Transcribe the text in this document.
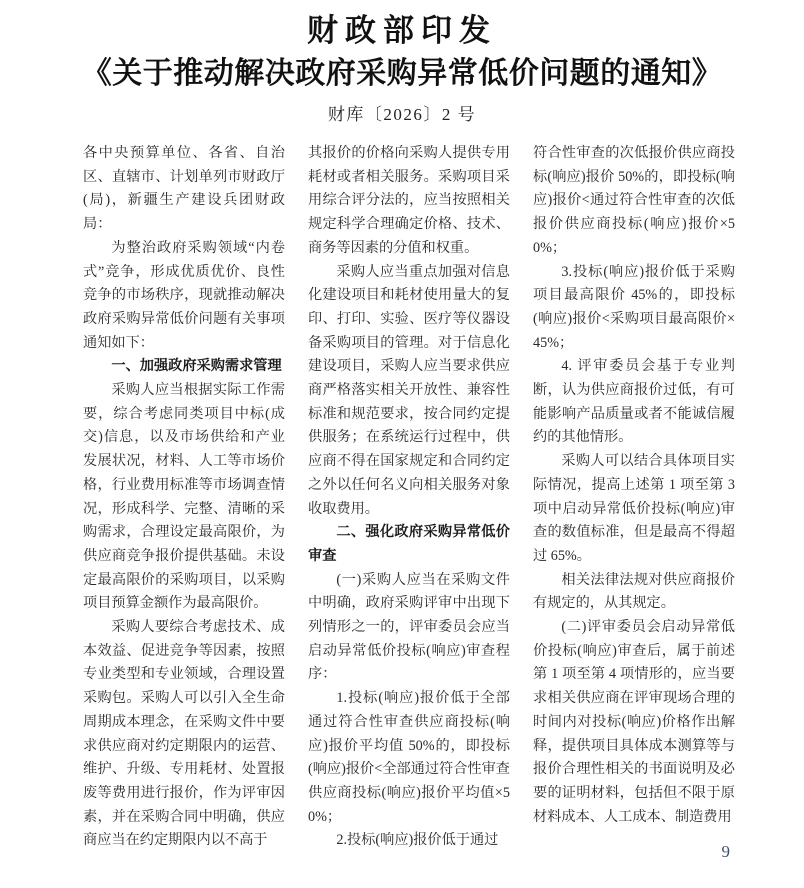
财政部印发
《关于推动解决政府采购异常低价问题的通知》
财库〔2026〕2 号

各中央预算单位、各省、自治区、直辖市、计划单列市财政厅(局)，新疆生产建设兵团财政局：

为整治政府采购领域“内卷式”竞争，形成优质优价、良性竞争的市场秩序，现就推动解决政府采购异常低价问题有关事项通知如下：

一、加强政府采购需求管理

采购人应当根据实际工作需要，综合考虑同类项目中标(成交)信息，以及市场供给和产业发展状况，材料、人工等市场价格，行业费用标准等市场调查情况，形成科学、完整、清晰的采购需求，合理设定最高限价，为供应商竞争报价提供基础。未设定最高限价的采购项目，以采购项目预算金额作为最高限价。

采购人要综合考虑技术、成本效益、促进竞争等因素，按照专业类型和专业领域，合理设置采购包。采购人可以引入全生命周期成本理念，在采购文件中要求供应商对约定期限内的运营、维护、升级、专用耗材、处置报废等费用进行报价，作为评审因素，并在采购合同中明确，供应商应当在约定期限内以不高于

其报价的价格向采购人提供专用耗材或者相关服务。采购项目采用综合评分法的，应当按照相关规定科学合理确定价格、技术、商务等因素的分值和权重。

采购人应当重点加强对信息化建设项目和耗材使用量大的复印、打印、实验、医疗等仪器设备采购项目的管理。对于信息化建设项目，采购人应当要求供应商严格落实相关开放性、兼容性标准和规范要求，按合同约定提供服务；在系统运行过程中，供应商不得在国家规定和合同约定之外以任何名义向相关服务对象收取费用。

二、强化政府采购异常低价审查

(一)采购人应当在采购文件中明确，政府采购评审中出现下列情形之一的，评审委员会应当启动异常低价投标(响应)审查程序：

1.投标(响应)报价低于全部通过符合性审查供应商投标(响应)报价平均值 50%的，即投标(响应)报价<全部通过符合性审查供应商投标(响应)报价平均值×50%；

2.投标(响应)报价低于通过

符合性审查的次低报价供应商投标(响应)报价 50%的，即投标(响应)报价<通过符合性审查的次低报价供应商投标(响应)报价×50%；

3.投标(响应)报价低于采购项目最高限价 45%的，即投标(响应)报价<采购项目最高限价×45%；

4. 评审委员会基于专业判断，认为供应商报价过低，有可能影响产品质量或者不能诚信履约的其他情形。

采购人可以结合具体项目实际情况，提高上述第 1 项至第 3 项中启动异常低价投标(响应)审查的数值标准，但是最高不得超过 65%。

相关法律法规对供应商报价有规定的，从其规定。

(二)评审委员会启动异常低价投标(响应)审查后，属于前述第 1 项至第 4 项情形的，应当要求相关供应商在评审现场合理的时间内对投标(响应)价格作出解释，提供项目具体成本测算等与报价合理性相关的书面说明及必要的证明材料，包括但不限于原材料成本、人工成本、制造费用

9
